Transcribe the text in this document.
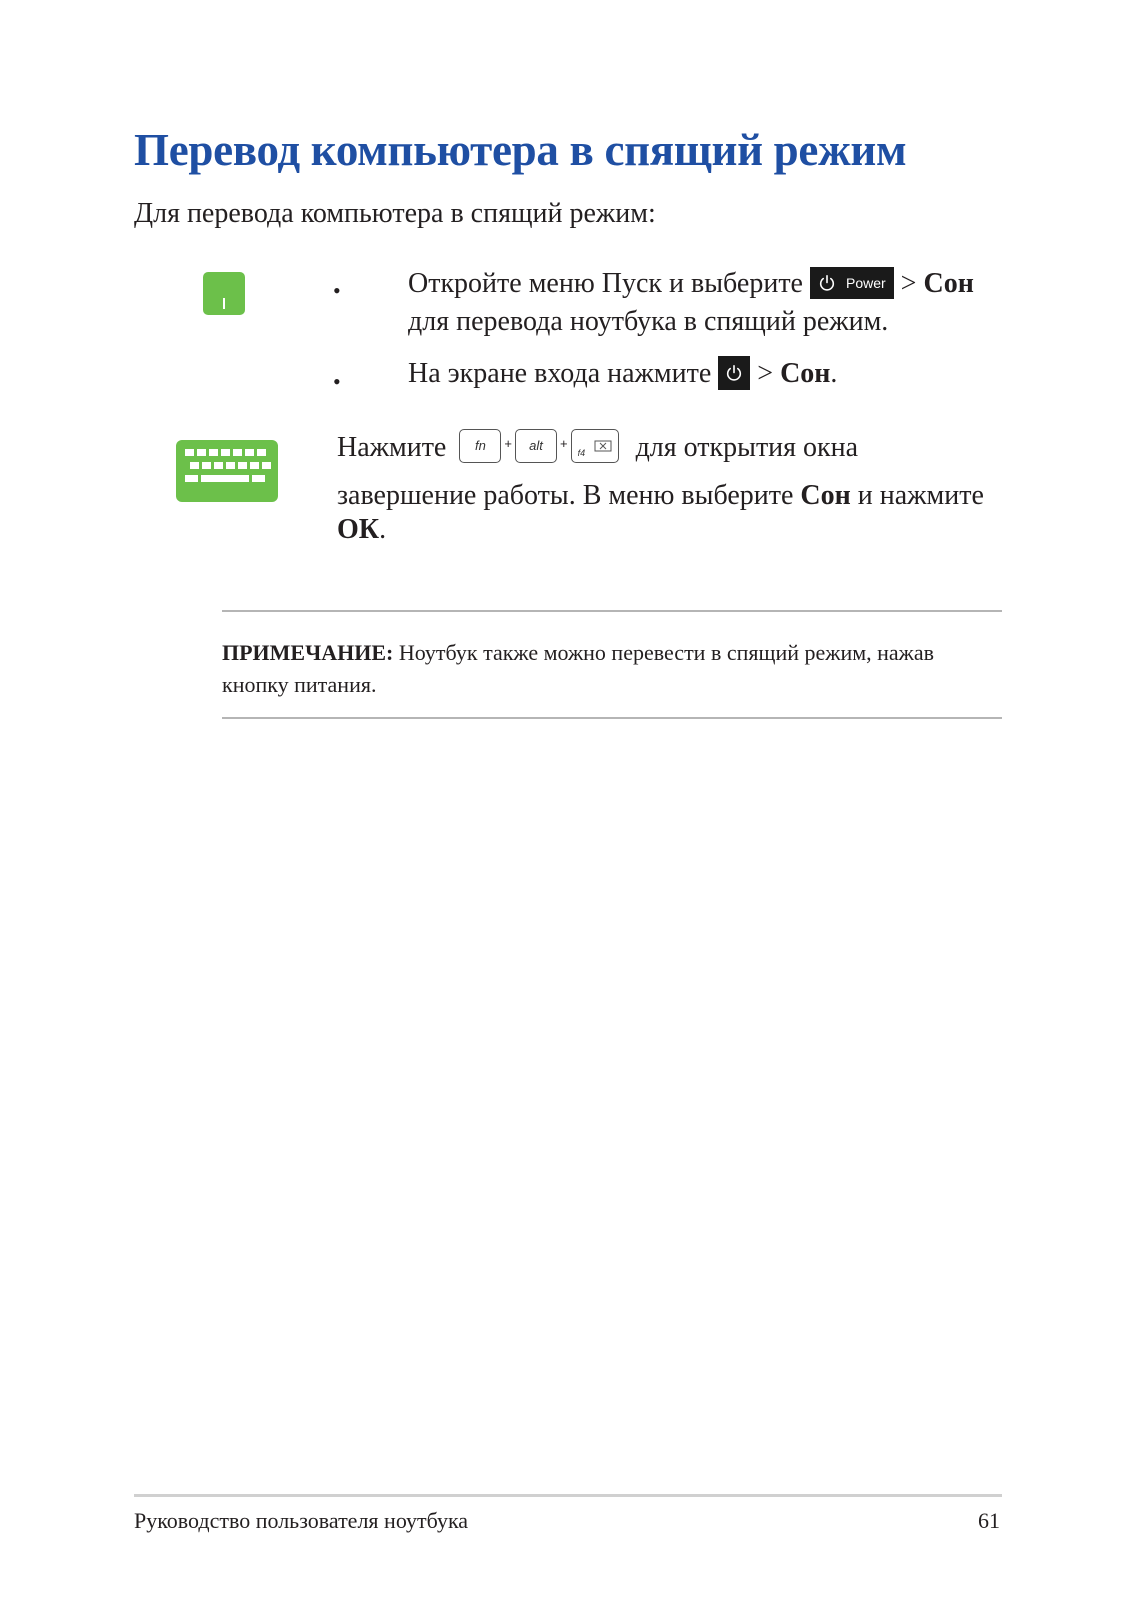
Перевод компьютера в спящий режим
Для перевода компьютера в спящий режим:
• Откройте меню Пуск и выберите	Power > Сон
для перевода ноутбука в спящий режим.
• На экране входа нажмите > Сон.
Нажмите fn + alt +
f4 для открытия окна
завершение работы. В меню выберите Сон и нажмите
ОК.
ПРИМЕЧАНИЕ: Ноутбук также можно перевести в спящий режим, нажав кнопку питания.
Руководство пользователя ноутбука	61
